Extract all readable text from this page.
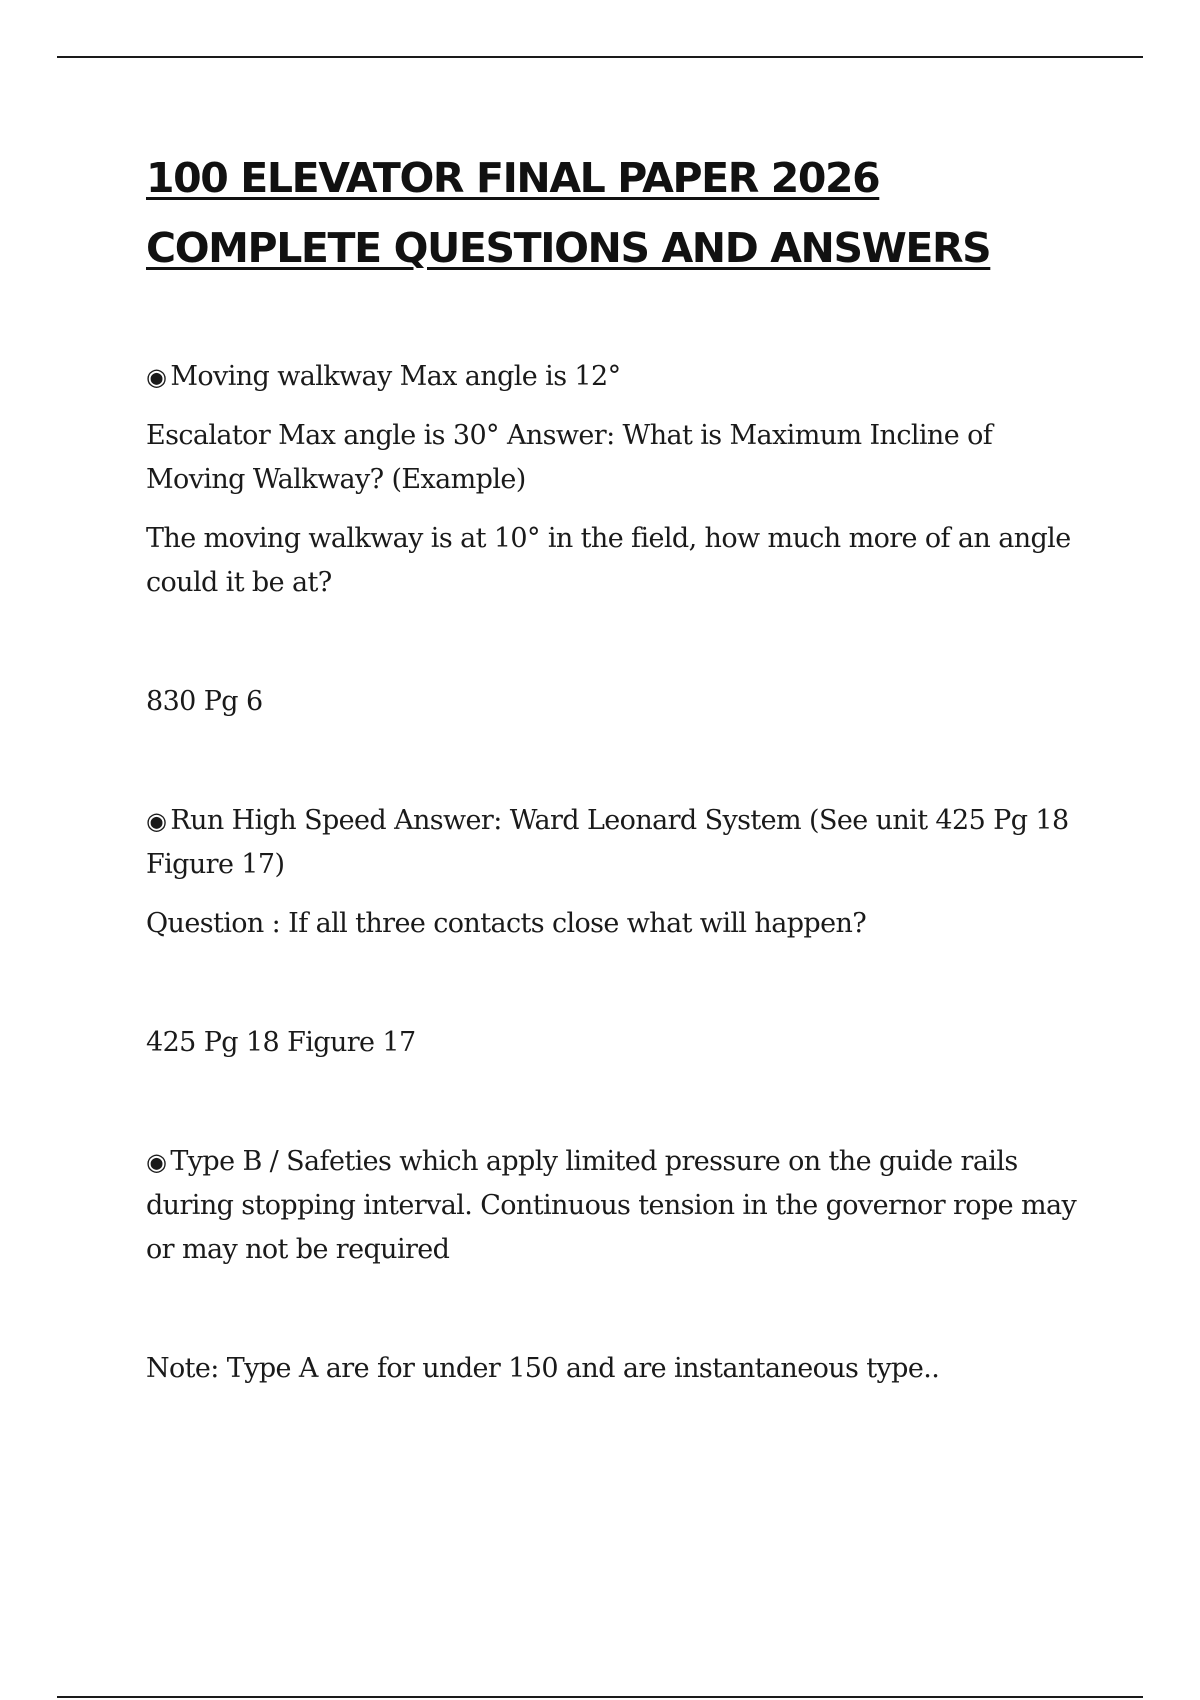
100 ELEVATOR FINAL PAPER 2026 COMPLETE QUESTIONS AND ANSWERS

◉ Moving walkway Max angle is 12°

Escalator Max angle is 30° Answer: What is Maximum Incline of Moving Walkway? (Example)

The moving walkway is at 10° in the field, how much more of an angle could it be at?

830 Pg 6

◉ Run High Speed Answer: Ward Leonard System (See unit 425 Pg 18 Figure 17)

Question : If all three contacts close what will happen?

425 Pg 18 Figure 17

◉ Type B / Safeties which apply limited pressure on the guide rails during stopping interval. Continuous tension in the governor rope may or may not be required

Note: Type A are for under 150 and are instantaneous type..
